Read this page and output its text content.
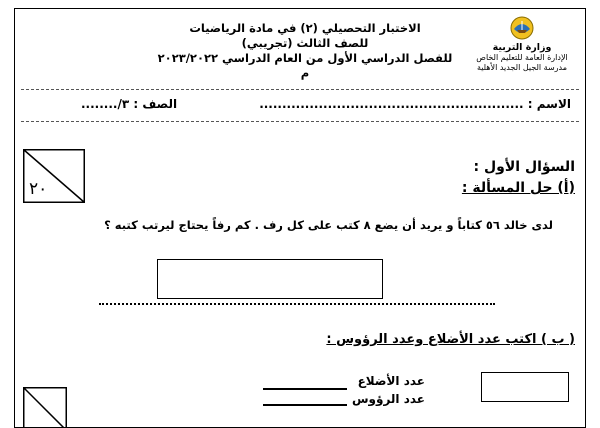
الاختبار التحصيلي (٢) في مادة الرياضيات
للصف الثالث (تجريبي)
للفصل الدراسي الأول من العام الدراسي ٢٠٢٣/٢٠٢٢ م
وزارة التربية
الإدارة العامة للتعليم الخاص
مدرسة الجيل الجديد الأهلية
الاسم : ..........................................................
الصف : ٣/........
٢٠
السؤال الأول :
(أ) حل المسألة :
لدى خالد ٥٦ كتاباً و يريد أن يضع ٨ كتب على كل رف . كم رفاً يحتاج ليرتب كتبه ؟
( ب ) اكتب عدد الأضلاع وعدد الرؤوس :
عدد الأضلاع
عدد الرؤوس
